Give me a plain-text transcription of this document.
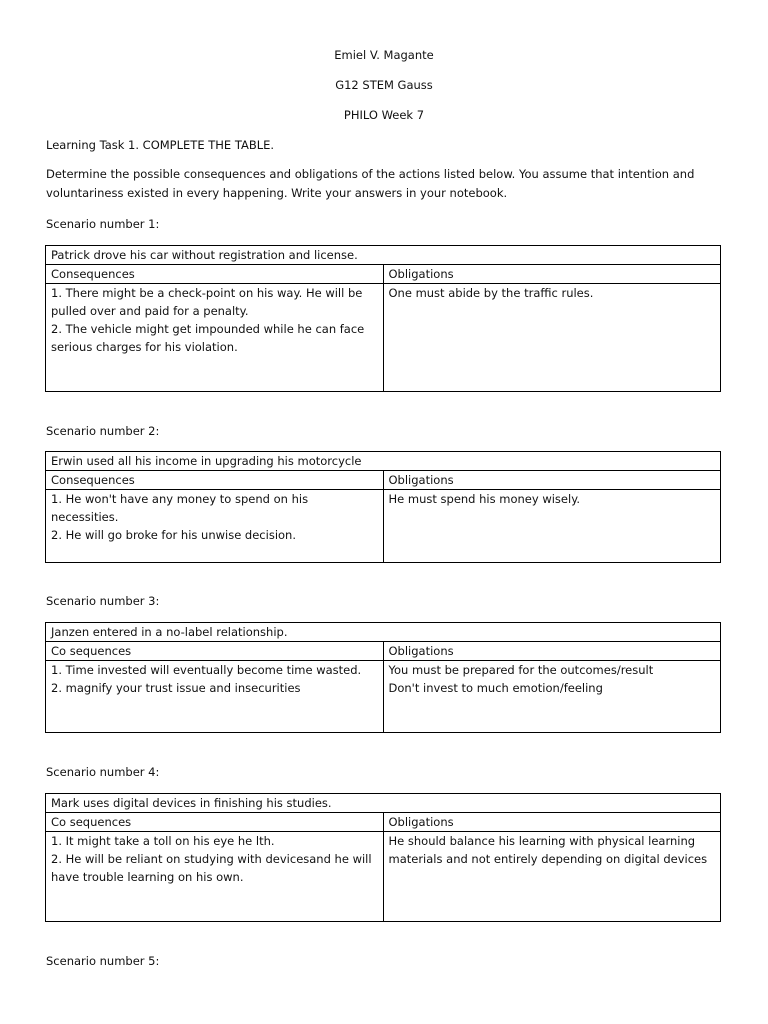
Emiel V. Magante
G12 STEM Gauss
PHILO Week 7
Learning Task 1. COMPLETE THE TABLE.
Determine the possible consequences and obligations of the actions listed below. You assume that intention and voluntariness existed in every happening. Write your answers in your notebook.
Scenario number 1:
Patrick drove his car without registration and license.	
Consequences	Obligations

1. There might be a check-point on his way. He will be pulled over and paid for a penalty.
2. The vehicle might get impounded while he can face serious charges for his violation.	One must abide by the traffic rules.
Scenario number 2:
Erwin used all his income in upgrading his motorcycle	
Consequences	Obligations

1. He won't have any money to spend on his necessities.
2. He will go broke for his unwise decision.	He must spend his money wisely.
Scenario number 3:
Janzen entered in a no-label relationship.	
Co sequences	Obligations

1. Time invested will eventually become time wasted.
2. magnify your trust issue and insecurities	You must be prepared for the outcomes/result
Don't invest to much emotion/feeling
Scenario number 4:
Mark uses digital devices in finishing his studies.	
Co sequences	Obligations

1. It might take a toll on his eye he lth.
2. He will be reliant on studying with devicesand he will have trouble learning on his own.	He should balance his learning with physical learning materials and not entirely depending on digital devices
Scenario number 5:
